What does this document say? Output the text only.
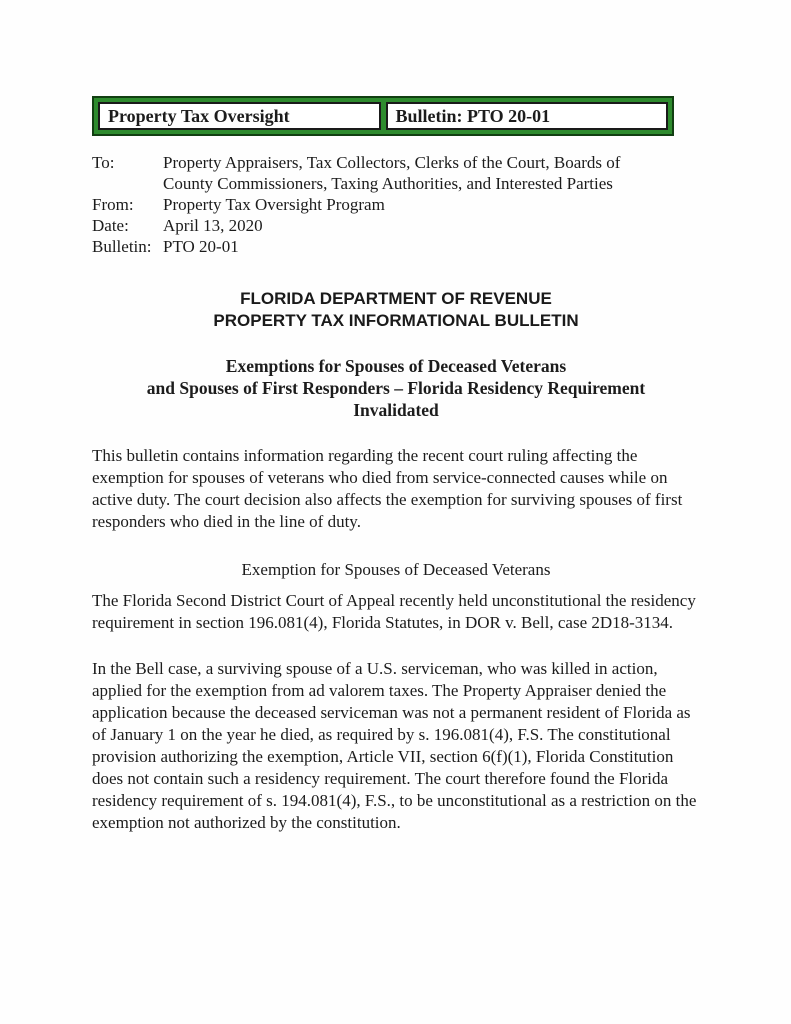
Property Tax Oversight	Bulletin: PTO 20-01
To:	Property Appraisers, Tax Collectors, Clerks of the Court, Boards of County Commissioners, Taxing Authorities, and Interested Parties
From:	Property Tax Oversight Program
Date:	April 13, 2020
Bulletin: PTO 20-01
FLORIDA DEPARTMENT OF REVENUE
PROPERTY TAX INFORMATIONAL BULLETIN
Exemptions for Spouses of Deceased Veterans
and Spouses of First Responders – Florida Residency Requirement
Invalidated

This bulletin contains information regarding the recent court ruling affecting the exemption for spouses of veterans who died from service-connected causes while on active duty. The court decision also affects the exemption for surviving spouses of first responders who died in the line of duty.

Exemption for Spouses of Deceased Veterans

The Florida Second District Court of Appeal recently held unconstitutional the residency requirement in section 196.081(4), Florida Statutes, in DOR v. Bell, case 2D18-3134.

In the Bell case, a surviving spouse of a U.S. serviceman, who was killed in action, applied for the exemption from ad valorem taxes. The Property Appraiser denied the application because the deceased serviceman was not a permanent resident of Florida as of January 1 on the year he died, as required by s. 196.081(4), F.S. The constitutional provision authorizing the exemption, Article VII, section 6(f)(1), Florida Constitution does not contain such a residency requirement. The court therefore found the Florida residency requirement of s. 194.081(4), F.S., to be unconstitutional as a restriction on the exemption not authorized by the constitution.
